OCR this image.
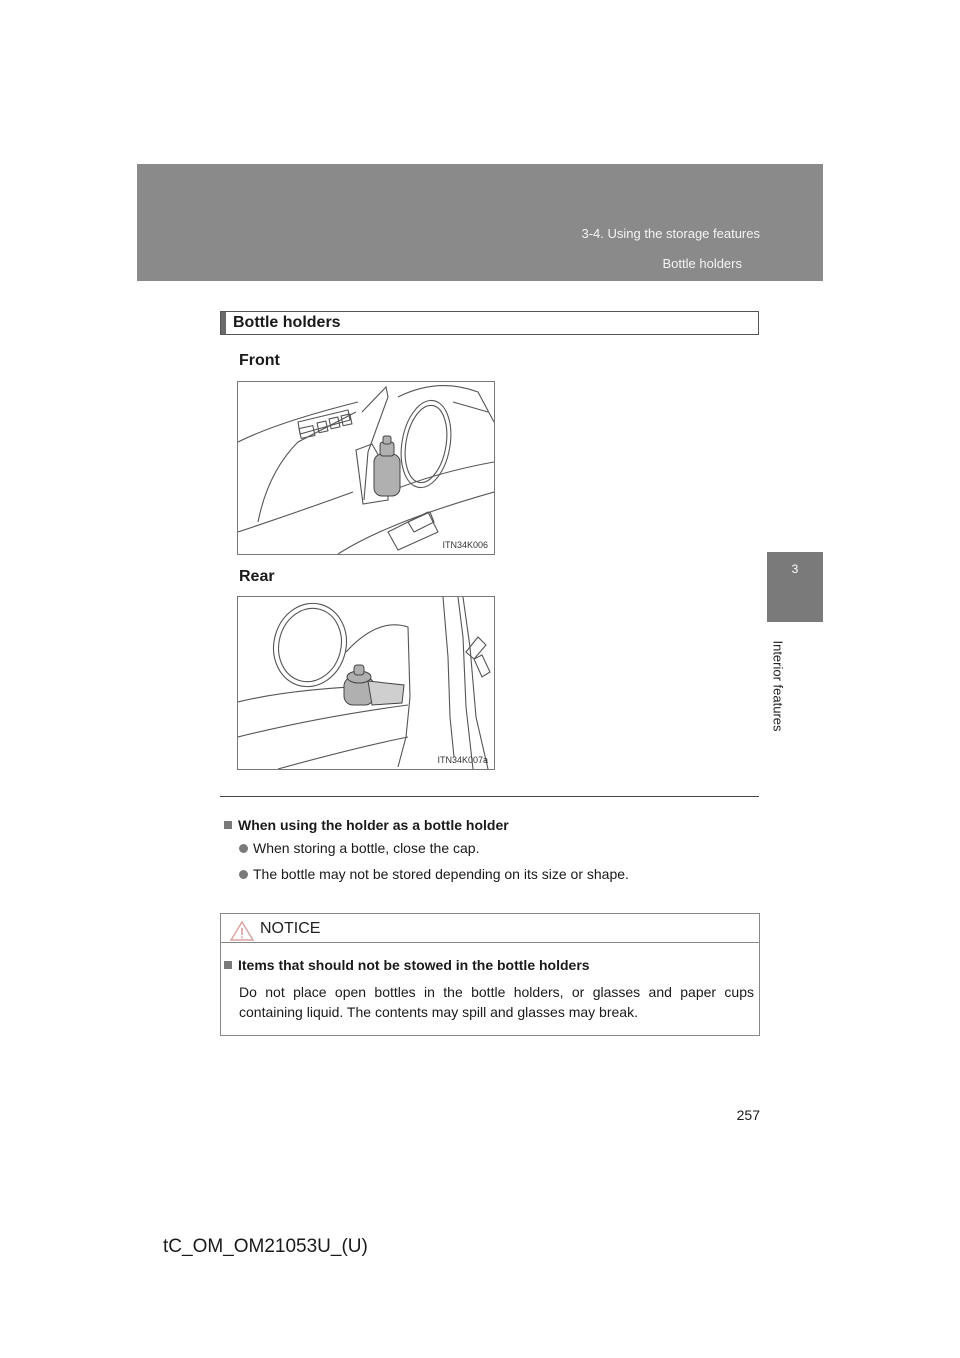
3-4. Using the storage features
Bottle holders
3
Interior features
Bottle holders
Front
ITN34K006
Rear
ITN34K007a
When using the holder as a bottle holder
When storing a bottle, close the cap.
The bottle may not be stored depending on its size or shape.
NOTICE
Items that should not be stowed in the bottle holders
Do not place open bottles in the bottle holders, or glasses and paper cups containing liquid. The contents may spill and glasses may break.
257
tC_OM_OM21053U_(U)
